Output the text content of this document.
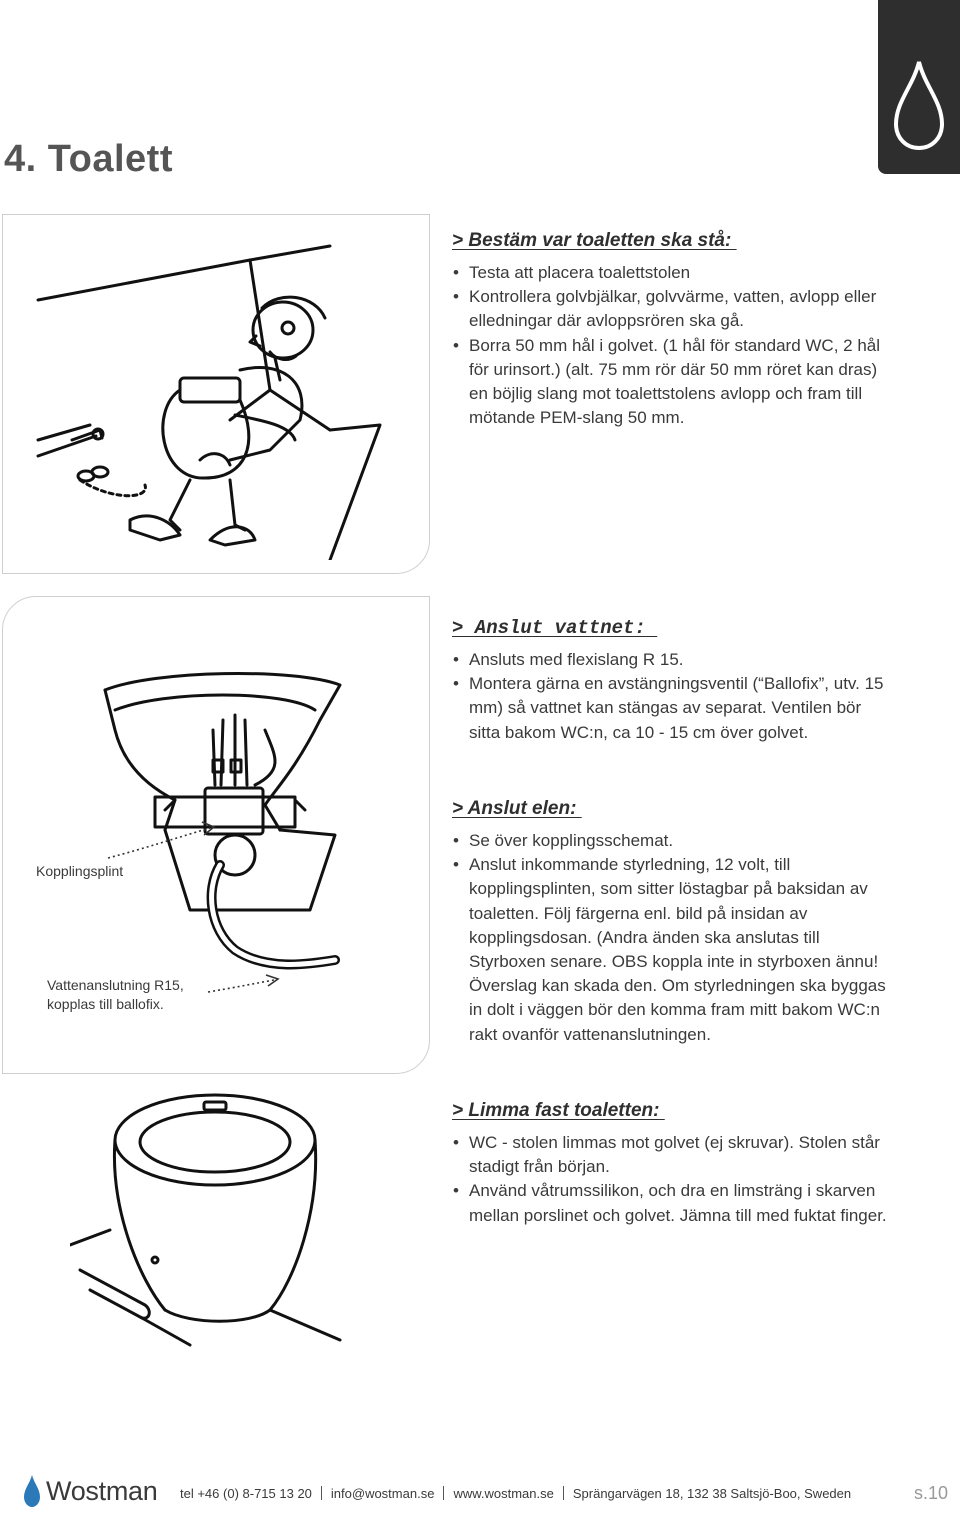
4. Toalett
Kopplingsplint
Vattenanslutning R15,
kopplas till ballofix.
> Bestäm var toaletten ska stå:
• Testa att placera toalettstolen
• Kontrollera golvbjälkar, golvvärme, vatten, avlopp eller elledningar där avloppsrören ska gå.
• Borra 50 mm hål i golvet. (1 hål för standard WC, 2 hål för urinsort.) (alt. 75 mm rör där 50 mm röret kan dras) en böjlig slang mot toalettstolens avlopp och fram till mötande PEM-slang 50 mm.
> Anslut vattnet:
• Ansluts med flexislang R 15.
• Montera gärna en avstängningsventil (“Ballofix”, utv. 15 mm) så vattnet kan stängas av separat. Ventilen bör sitta bakom WC:n, ca 10 - 15 cm över golvet.
> Anslut elen:
• Se över kopplingsschemat.
• Anslut inkommande styrledning, 12 volt, till kopplingsplinten, som sitter löstagbar på baksidan av toaletten. Följ färgerna enl. bild på insidan av kopplingsdosan. (Andra änden ska anslutas till Styrboxen senare. OBS koppla inte in styrboxen ännu! Överslag kan skada den. Om styrledningen ska byggas in dolt i väggen bör den komma fram mitt bakom WC:n rakt ovanför vattenanslutningen.
> Limma fast toaletten:
• WC - stolen limmas mot golvet (ej skruvar). Stolen står stadigt från början.
• Använd våtrumssilikon, och dra en limsträng i skarven mellan porslinet och golvet. Jämna till med fuktat finger.
Wostman tel +46 (0) 8-715 13 20 info@wostman.se www.wostman.se Sprängarvägen 18, 132 38 Saltsjö-Boo, Sweden	s.10
